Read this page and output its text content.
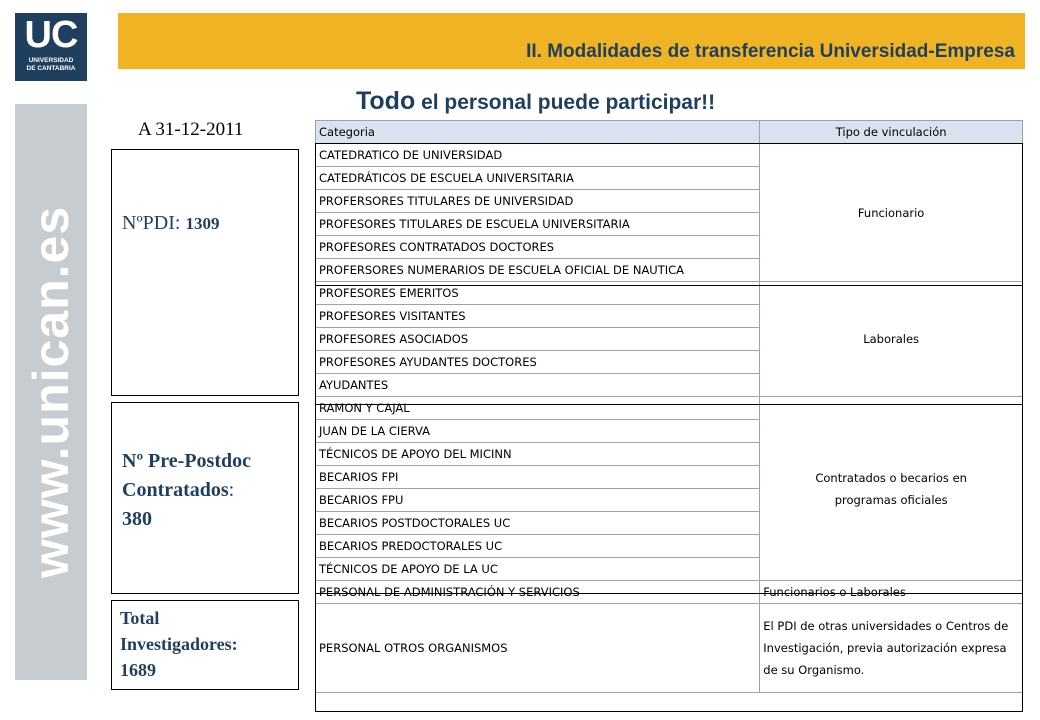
UC
UNIVERSIDAD
DE CANTABRIA
II. Modalidades de transferencia Universidad-Empresa
www.unican.es
Todo el personal puede participar!!
A 31-12-2011
NºPDI: 1309
Nº Pre-Postdoc
Contratados:
380
Total
Investigadores:
1689
Categoria	Tipo de vinculación
CATEDRATICO DE UNIVERSIDAD	Funcionario
CATEDRÁTICOS DE ESCUELA UNIVERSITARIA	
PROFERSORES TITULARES DE UNIVERSIDAD	
PROFESORES TITULARES DE ESCUELA UNIVERSITARIA	
PROFESORES CONTRATADOS DOCTORES	
PROFERSORES NUMERARIOS DE ESCUELA OFICIAL DE NAUTICA	
PROFESORES EMERITOS	Laborales
PROFESORES VISITANTES	
PROFESORES ASOCIADOS	
PROFESORES AYUDANTES DOCTORES	
AYUDANTES	
RAMON Y CAJAL	Contratados o becarios en programas oficiales
JUAN DE LA CIERVA	
TÉCNICOS DE APOYO DEL MICINN	
BECARIOS FPI	
BECARIOS FPU	
BECARIOS POSTDOCTORALES UC	
BECARIOS PREDOCTORALES UC	
TÉCNICOS DE APOYO DE LA UC	
PERSONAL DE ADMINISTRACIÓN Y SERVICIOS	Funcionarios o Laborales
PERSONAL OTROS ORGANISMOS	El PDI de otras universidades o Centros de Investigación, previa autorización expresa de su Organismo.
